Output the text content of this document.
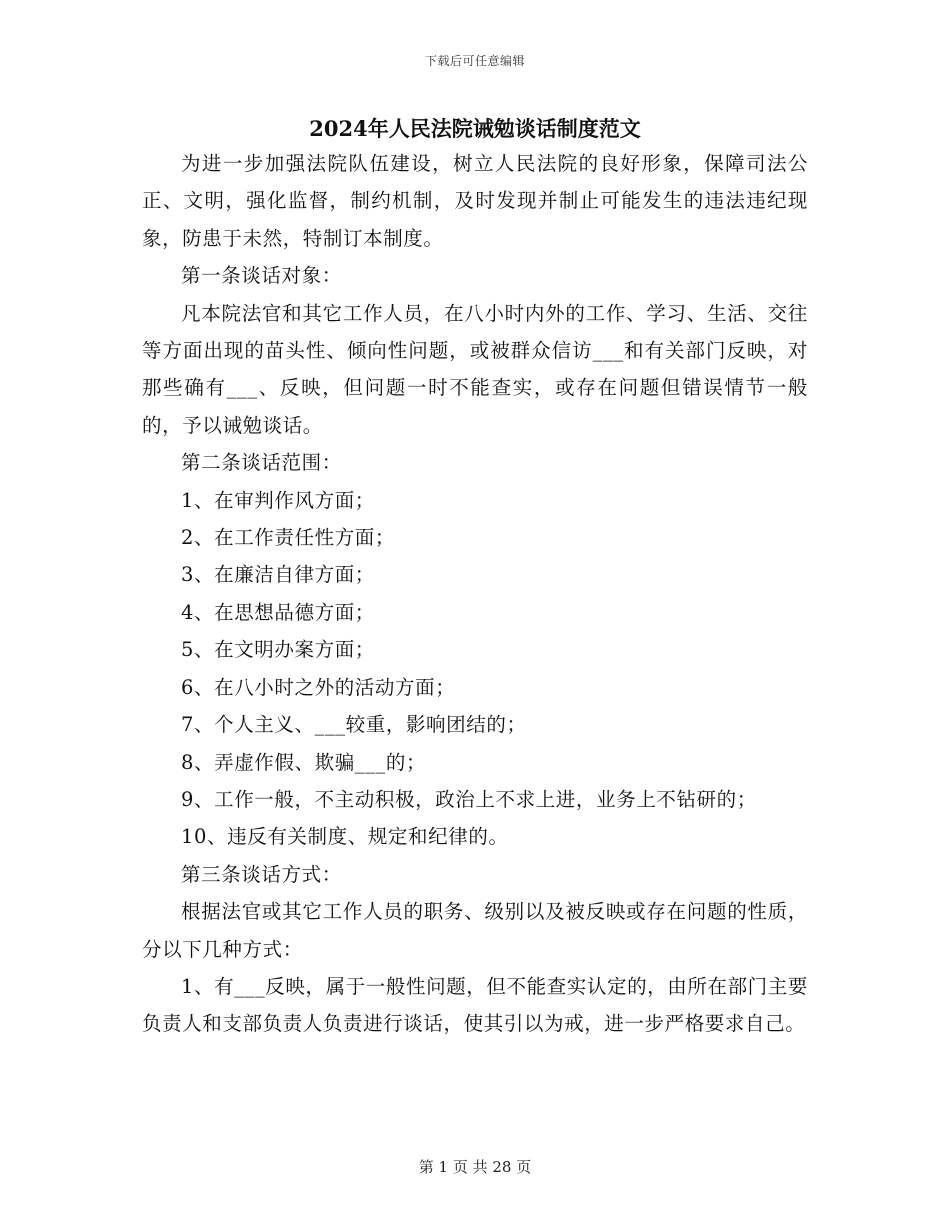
下载后可任意编辑
2024年人民法院诫勉谈话制度范文

为进一步加强法院队伍建设，树立人民法院的良好形象，保障司法公正、文明，强化监督，制约机制，及时发现并制止可能发生的违法违纪现象，防患于未然，特制订本制度。

第一条谈话对象：

凡本院法官和其它工作人员，在八小时内外的工作、学习、生活、交往等方面出现的苗头性、倾向性问题，或被群众信访___和有关部门反映，对那些确有___、反映，但问题一时不能查实，或存在问题但错误情节一般的，予以诫勉谈话。

第二条谈话范围：

1、在审判作风方面；

2、在工作责任性方面；

3、在廉洁自律方面；

4、在思想品德方面；

5、在文明办案方面；

6、在八小时之外的活动方面；

7、个人主义、___较重，影响团结的；

8、弄虚作假、欺骗___的；

9、工作一般，不主动积极，政治上不求上进，业务上不钻研的；

10、违反有关制度、规定和纪律的。

第三条谈话方式：

根据法官或其它工作人员的职务、级别以及被反映或存在问题的性质，分以下几种方式：

1、有___反映，属于一般性问题，但不能查实认定的，由所在部门主要负责人和支部负责人负责进行谈话，使其引以为戒，进一步严格要求自己。

第 1 页 共 28 页
